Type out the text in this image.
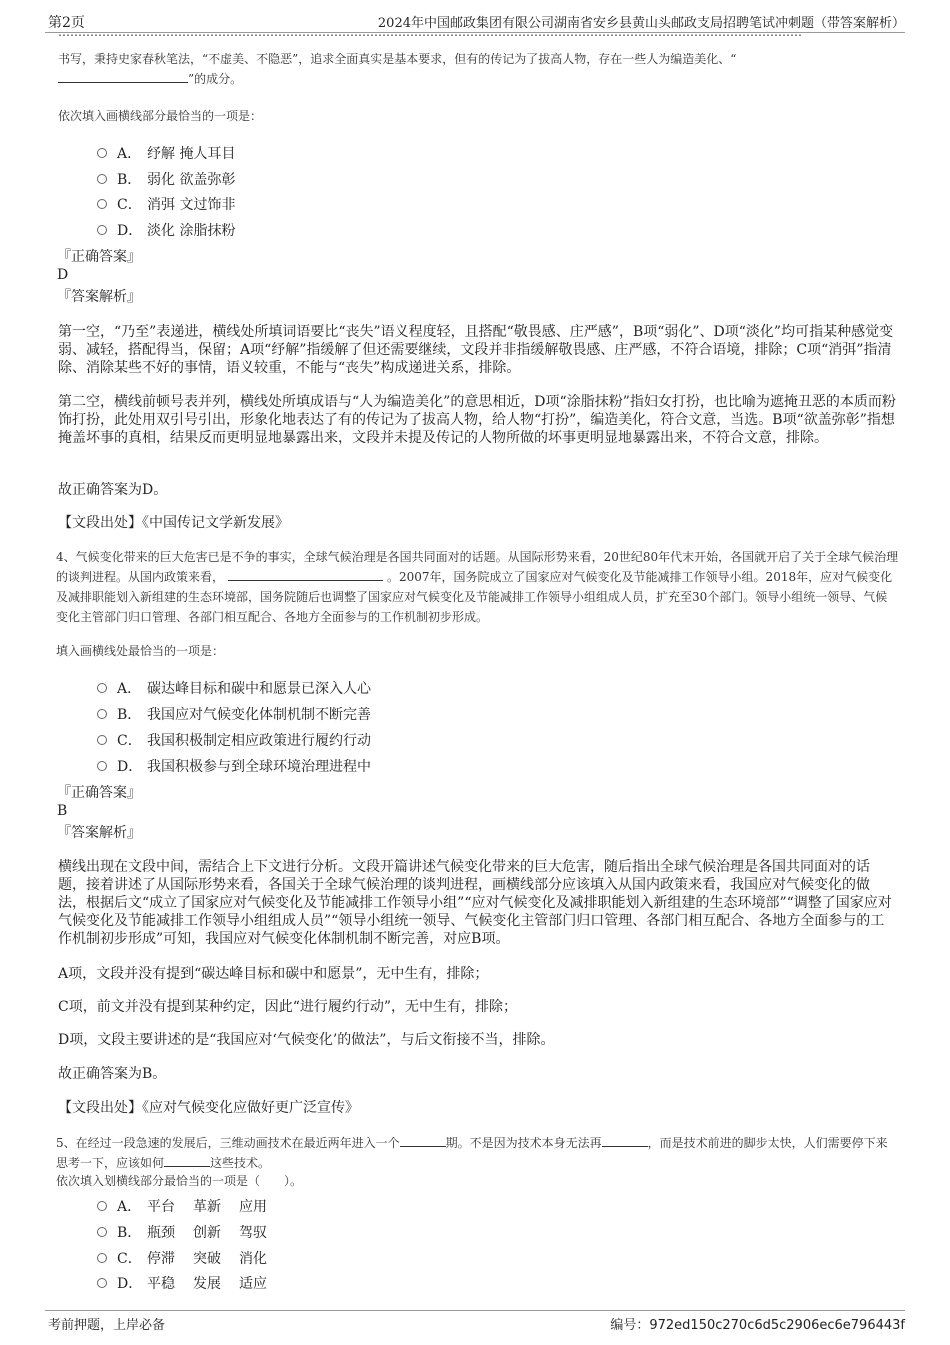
第2页	2024年中国邮政集团有限公司湖南省安乡县黄山头邮政支局招聘笔试冲刺题（带答案解析）
书写，秉持史家春秋笔法，“不虚美、不隐恶”，追求全面真实是基本要求，但有的传记为了拔高人物，存在一些人为编造美化、“
”的成分。
依次填入画横线部分最恰当的一项是：
A． 纾解 掩人耳目
B． 弱化 欲盖弥彰
C． 消弭 文过饰非
D． 淡化 涂脂抹粉
『正确答案』
D
『答案解析』
第一空，“乃至”表递进，横线处所填词语要比“丧失”语义程度轻，且搭配“敬畏感、庄严感”，B项“弱化”、D项“淡化”均可指某种感觉变弱、减轻，搭配得当，保留；A项“纾解”指缓解了但还需要继续，文段并非指缓解敬畏感、庄严感，不符合语境，排除；C项“消弭”指清除、消除某些不好的事情，语义较重，不能与“丧失”构成递进关系，排除。
第二空，横线前顿号表并列，横线处所填成语与“人为编造美化”的意思相近，D项“涂脂抹粉”指妇女打扮，也比喻为遮掩丑恶的本质而粉饰打扮，此处用双引号引出，形象化地表达了有的传记为了拔高人物，给人物“打扮”，编造美化，符合文意，当选。B项“欲盖弥彰”指想掩盖坏事的真相，结果反而更明显地暴露出来，文段并未提及传记的人物所做的坏事更明显地暴露出来，不符合文意，排除。
故正确答案为D。
【文段出处】《中国传记文学新发展》
4、气候变化带来的巨大危害已是不争的事实，全球气候治理是各国共同面对的话题。从国际形势来看，20世纪80年代末开始，各国就开启了关于全球气候治理的谈判进程。从国内政策来看，	。2007年，国务院成立了国家应对气候变化及节能减排工作领导小组。2018年，应对气候变化及减排职能划入新组建的生态环境部，国务院随后也调整了国家应对气候变化及节能减排工作领导小组组成人员，扩充至30个部门。领导小组统一领导、气候变化主管部门归口管理、各部门相互配合、各地方全面参与的工作机制初步形成。
填入画横线处最恰当的一项是：
A． 碳达峰目标和碳中和愿景已深入人心
B． 我国应对气候变化体制机制不断完善
C． 我国积极制定相应政策进行履约行动
D． 我国积极参与到全球环境治理进程中
『正确答案』
B
『答案解析』
横线出现在文段中间，需结合上下文进行分析。文段开篇讲述气候变化带来的巨大危害，随后指出全球气候治理是各国共同面对的话题，接着讲述了从国际形势来看，各国关于全球气候治理的谈判进程，画横线部分应该填入从国内政策来看，我国应对气候变化的做法，根据后文“成立了国家应对气候变化及节能减排工作领导小组”“应对气候变化及减排职能划入新组建的生态环境部”“调整了国家应对气候变化及节能减排工作领导小组组成人员”“领导小组统一领导、气候变化主管部门归口管理、各部门相互配合、各地方全面参与的工作机制初步形成”可知，我国应对气候变化体制机制不断完善，对应B项。
A项，文段并没有提到“碳达峰目标和碳中和愿景”，无中生有，排除；
C项，前文并没有提到某种约定，因此“进行履约行动”，无中生有，排除；
D项，文段主要讲述的是“我国应对‘气候变化’的做法”，与后文衔接不当，排除。
故正确答案为B。
【文段出处】《应对气候变化应做好更广泛宣传》
5、在经过一段急速的发展后，三维动画技术在最近两年进入一个	期。不是因为技术本身无法再	，而是技术前进的脚步太快，人们需要停下来思考一下，应该如何	这些技术。
依次填入划横线部分最恰当的一项是（　　）。
A． 平台 革新 应用
B． 瓶颈 创新 驾驭
C． 停滞 突破 消化
D． 平稳 发展 适应
考前押题，上岸必备	编号：972ed150c270c6d5c2906ec6e796443f
